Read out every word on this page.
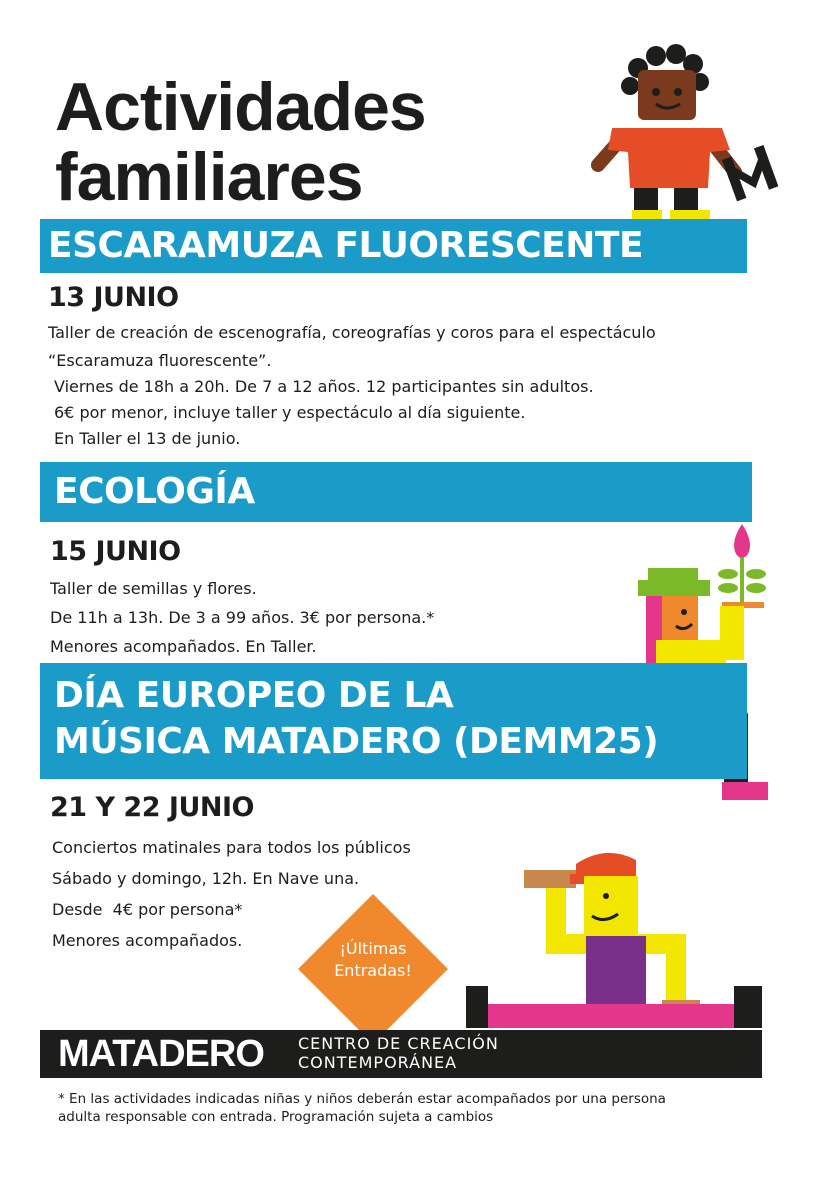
Actividades
familiares
ESCARAMUZA FLUORESCENTE
13 JUNIO
Taller de creación de escenografía, coreografías y coros para el espectáculo
“Escaramuza fluorescente”.
Viernes de 18h a 20h. De 7 a 12 años. 12 participantes sin adultos.
6€ por menor, incluye taller y espectáculo al día siguiente.
En Taller el 13 de junio.
ECOLOGÍA
15 JUNIO
Taller de semillas y flores.
De 11h a 13h. De 3 a 99 años. 3€ por persona.*
Menores acompañados. En Taller.
DÍA EUROPEO DE LA
MÚSICA MATADERO (DEMM25)
21 Y 22 JUNIO
Conciertos matinales para todos los públicos
Sábado y domingo, 12h. En Nave una.
Desde  4€ por persona*
Menores acompañados.	¡Últimas
Entradas!
MATADERO CENTRO DE CREACIÓN
CONTEMPORÁNEA
* En las actividades indicadas niñas y niños deberán estar acompañados por una persona
adulta responsable con entrada. Programación sujeta a cambios
